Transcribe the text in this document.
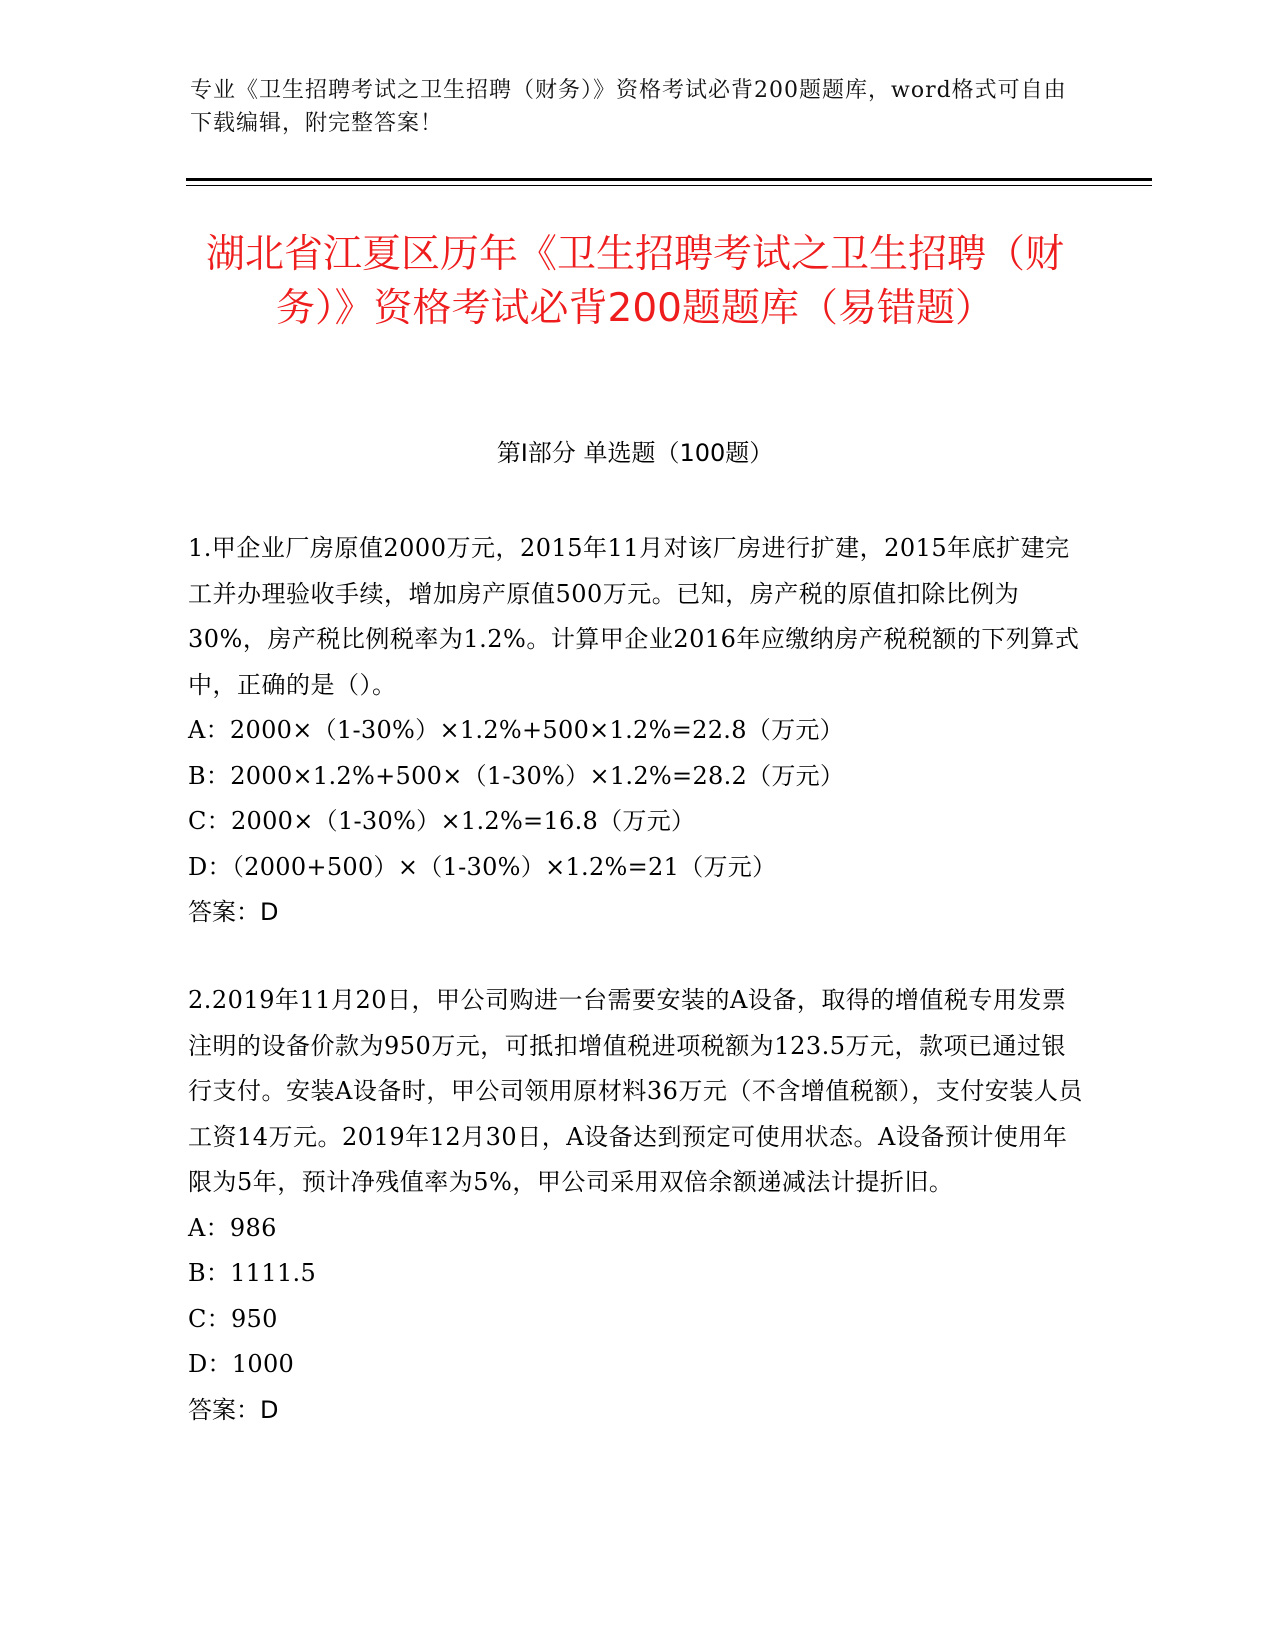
专业《卫生招聘考试之卫生招聘（财务）》资格考试必背200题题库，word格式可自由下载编辑，附完整答案！
湖北省江夏区历年《卫生招聘考试之卫生招聘（财务）》资格考试必背200题题库（易错题）
第I部分 单选题（100题）

1.甲企业厂房原值2000万元，2015年11月对该厂房进行扩建，2015年底扩建完工并办理验收手续，增加房产原值500万元。已知，房产税的原值扣除比例为30%，房产税比例税率为1.2%。计算甲企业2016年应缴纳房产税税额的下列算式中，正确的是（）。

A：2000×（1-30%）×1.2%+500×1.2%=22.8（万元）

B：2000×1.2%+500×（1-30%）×1.2%=28.2（万元）

C：2000×（1-30%）×1.2%=16.8（万元）

D：（2000+500）×（1-30%）×1.2%=21（万元）

答案：D

2.2019年11月20日，甲公司购进一台需要安装的A设备，取得的增值税专用发票注明的设备价款为950万元，可抵扣增值税进项税额为123.5万元，款项已通过银行支付。安装A设备时，甲公司领用原材料36万元（不含增值税额），支付安装人员工资14万元。2019年12月30日，A设备达到预定可使用状态。A设备预计使用年限为5年，预计净残值率为5%，甲公司采用双倍余额递减法计提折旧。

A：986

B：1111.5

C：950

D：1000

答案：D
